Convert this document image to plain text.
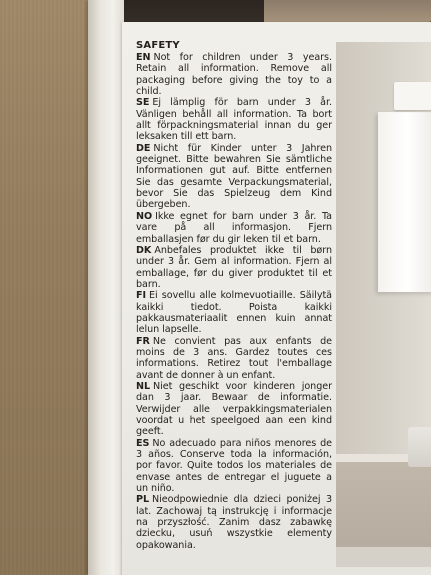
SAFETY

EN Not for children under 3 years. Retain all information. Remove all packaging before giving the toy to a child.

SE Ej lämplig för barn under 3 år. Vänligen behåll all information. Ta bort allt förpackningsmaterial innan du ger leksaken till ett barn.

DE Nicht für Kinder unter 3 Jahren geeignet. Bitte bewahren Sie sämtliche Informationen gut auf. Bitte entfernen Sie das gesamte Verpackungsmaterial, bevor Sie das Spielzeug dem Kind übergeben.

NO Ikke egnet for barn under 3 år. Ta vare på all informasjon. Fjern emballasjen før du gir leken til et barn.

DK Anbefales produktet ikke til børn under 3 år. Gem al information. Fjern al emballage, før du giver produktet til et barn.

FI Ei sovellu alle kolmevuotiaille. Säilytä kaikki tiedot. Poista kaikki pakkausmateriaalit ennen kuin annat lelun lapselle.

FR Ne convient pas aux enfants de moins de 3 ans. Gardez toutes ces informations. Retirez tout l'emballage avant de donner à un enfant.

NL Niet geschikt voor kinderen jonger dan 3 jaar. Bewaar de informatie. Verwijder alle verpakkingsmaterialen voordat u het speelgoed aan een kind geeft.

ES No adecuado para niños menores de 3 años. Conserve toda la información, por favor. Quite todos los materiales de envase antes de entregar el juguete a un niño.

PL Nieodpowiednie dla dzieci poniżej 3 lat. Zachowaj tą instrukcję i informacje na przyszłość. Zanim dasz zabawkę dziecku, usuń wszystkie elementy opakowania.
